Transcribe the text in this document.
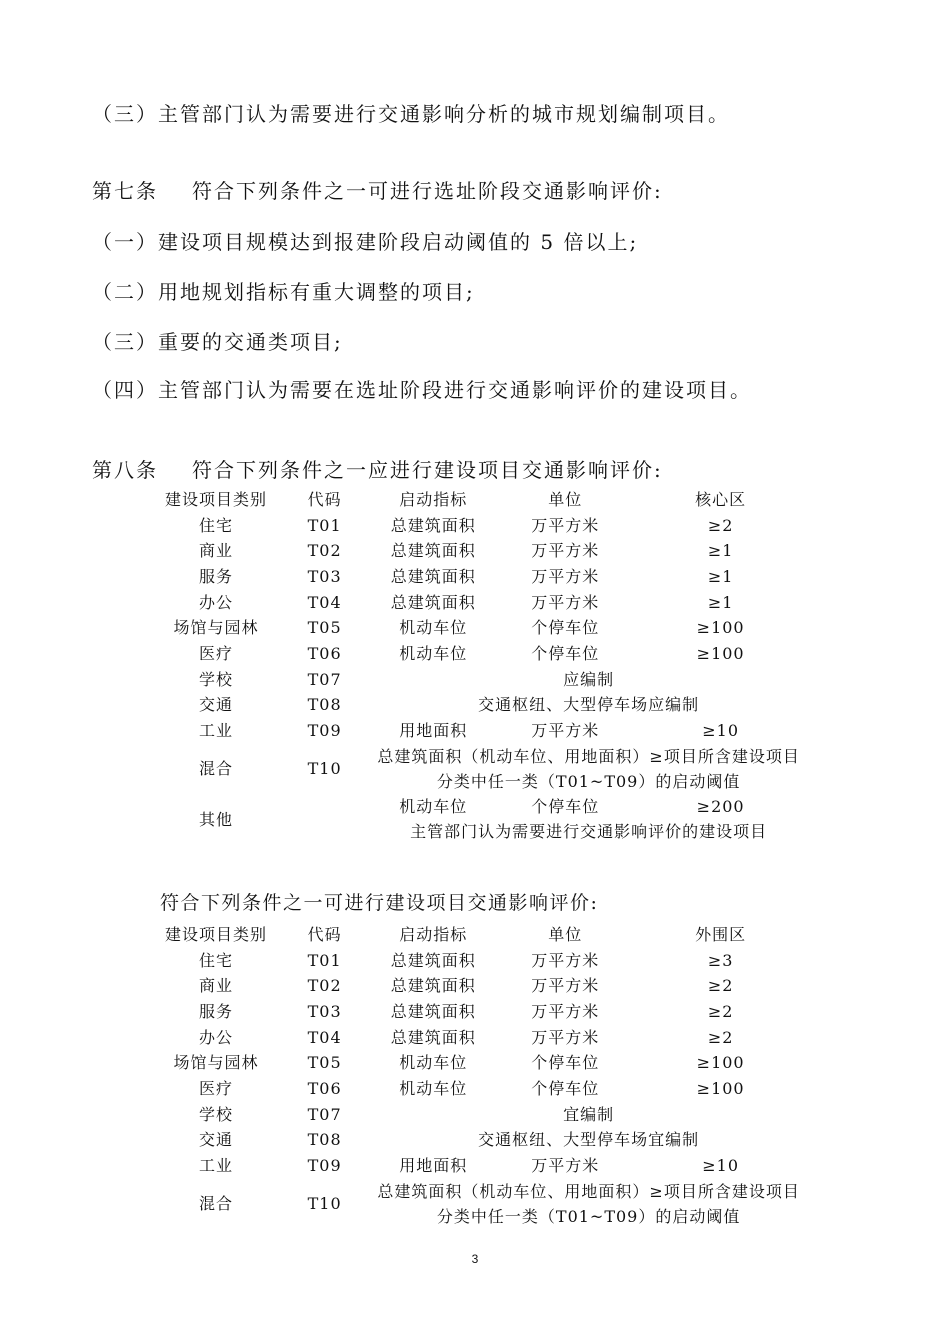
（三）主管部门认为需要进行交通影响分析的城市规划编制项目。
第七条 符合下列条件之一可进行选址阶段交通影响评价:
（一）建设项目规模达到报建阶段启动阈值的 5 倍以上;
（二）用地规划指标有重大调整的项目;
（三）重要的交通类项目;
（四）主管部门认为需要在选址阶段进行交通影响评价的建设项目。
第八条 符合下列条件之一应进行建设项目交通影响评价:
建设项目类别	代码	启动指标	单位	核心区
住宅	T01	总建筑面积	万平方米	≥2
商业	T02	总建筑面积	万平方米	≥1
服务	T03	总建筑面积	万平方米	≥1
办公	T04	总建筑面积	万平方米	≥1
场馆与园林	T05	机动车位	个停车位	≥100
医疗	T06	机动车位	个停车位	≥100
学校	T07	应编制		
交通	T08	交通枢纽、大型停车场应编制		
工业	T09	用地面积	万平方米	≥10
混合	T10	总建筑面积（机动车位、用地面积）≥项目所含建设项目分类中任一类（T01~T09）的启动阈值		
其他		机动车位	个停车位	≥200
		主管部门认为需要进行交通影响评价的建设项目		
符合下列条件之一可进行建设项目交通影响评价:
建设项目类别	代码	启动指标	单位	外围区
住宅	T01	总建筑面积	万平方米	≥3
商业	T02	总建筑面积	万平方米	≥2
服务	T03	总建筑面积	万平方米	≥2
办公	T04	总建筑面积	万平方米	≥2
场馆与园林	T05	机动车位	个停车位	≥100
医疗	T06	机动车位	个停车位	≥100
学校	T07	宜编制		
交通	T08	交通枢纽、大型停车场宜编制		
工业	T09	用地面积	万平方米	≥10
混合	T10	总建筑面积（机动车位、用地面积）≥项目所含建设项目分类中任一类（T01~T09）的启动阈值		
3
